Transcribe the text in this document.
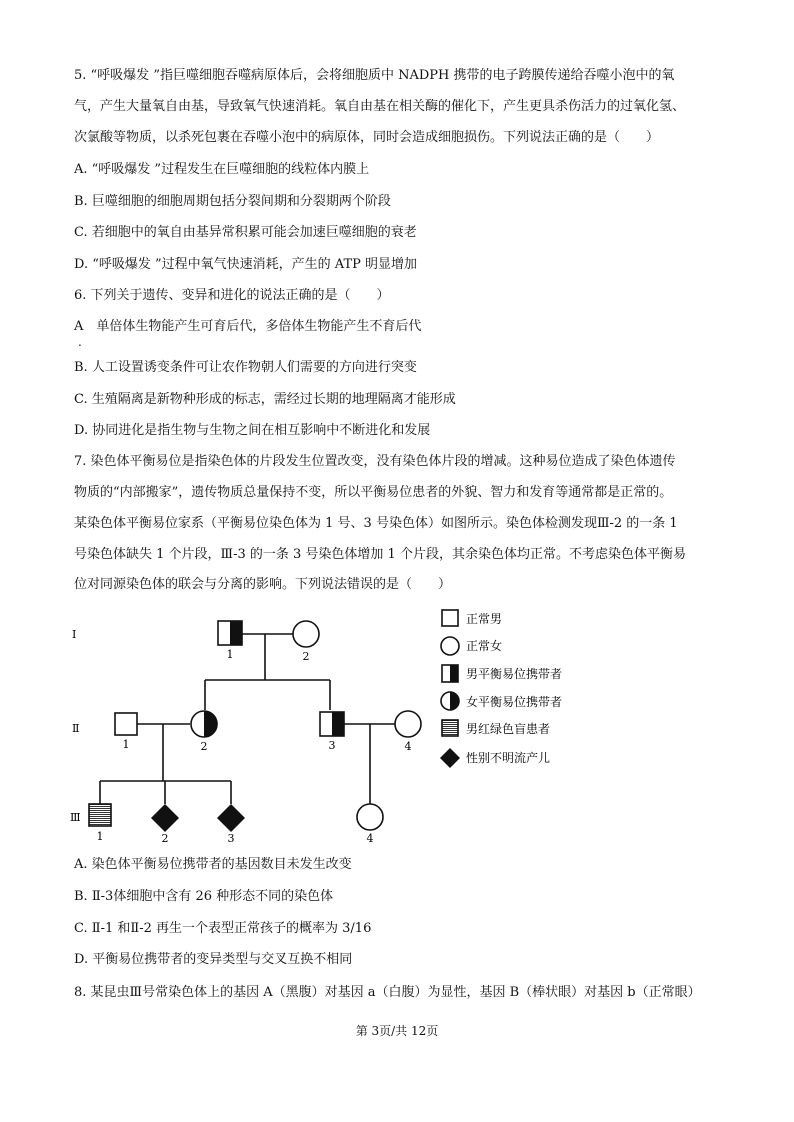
5. “呼吸爆发 ”指巨噬细胞吞噬病原体后，会将细胞质中 NADPH 携带的电子跨膜传递给吞噬小泡中的氧
气，产生大量氧自由基，导致氧气快速消耗。氧自由基在相关酶的催化下，产生更具杀伤活力的过氧化氢、
次氯酸等物质，以杀死包裹在吞噬小泡中的病原体，同时会造成细胞损伤。下列说法正确的是（　　）
A. “呼吸爆发 ”过程发生在巨噬细胞的线粒体内膜上
B. 巨噬细胞的细胞周期包括分裂间期和分裂期两个阶段
C. 若细胞中的氧自由基异常积累可能会加速巨噬细胞的衰老
D. “呼吸爆发 ”过程中氧气快速消耗，产生的 ATP 明显增加
6. 下列关于遗传、变异和进化的说法正确的是（　　）
A　单倍体生物能产生可育后代，多倍体生物能产生不育后代
.
B. 人工设置诱变条件可让农作物朝人们需要的方向进行突变
C. 生殖隔离是新物种形成的标志，需经过长期的地理隔离才能形成
D. 协同进化是指生物与生物之间在相互影响中不断进化和发展
7. 染色体平衡易位是指染色体的片段发生位置改变，没有染色体片段的增减。这种易位造成了染色体遗传
物质的“内部搬家”，遗传物质总量保持不变，所以平衡易位患者的外貌、智力和发育等通常都是正常的。
某染色体平衡易位家系（平衡易位染色体为 1 号、3 号染色体）如图所示。染色体检测发现Ⅲ-2 的一条 1
号染色体缺失 1 个片段，Ⅲ-3 的一条 3 号染色体增加 1 个片段，其余染色体均正常。不考虑染色体平衡易
位对同源染色体的联会与分离的影响。下列说法错误的是（　　）
Ⅰ
Ⅱ
Ⅲ
1	2
1	2	3	4
1	2	3	4
正常男
正常女
男平衡易位携带者
女平衡易位携带者
男红绿色盲患者
性别不明流产儿
A. 染色体平衡易位携带者的基因数目未发生改变
B. Ⅱ-3体细胞中含有 26 种形态不同的染色体
C. Ⅱ-1 和Ⅱ-2 再生一个表型正常孩子的概率为 3/16
D. 平衡易位携带者的变异类型与交叉互换不相同
8. 某昆虫Ⅲ号常染色体上的基因 A（黑腹）对基因 a（白腹）为显性，基因 B（棒状眼）对基因 b（正常眼）
第 3页/共 12页
